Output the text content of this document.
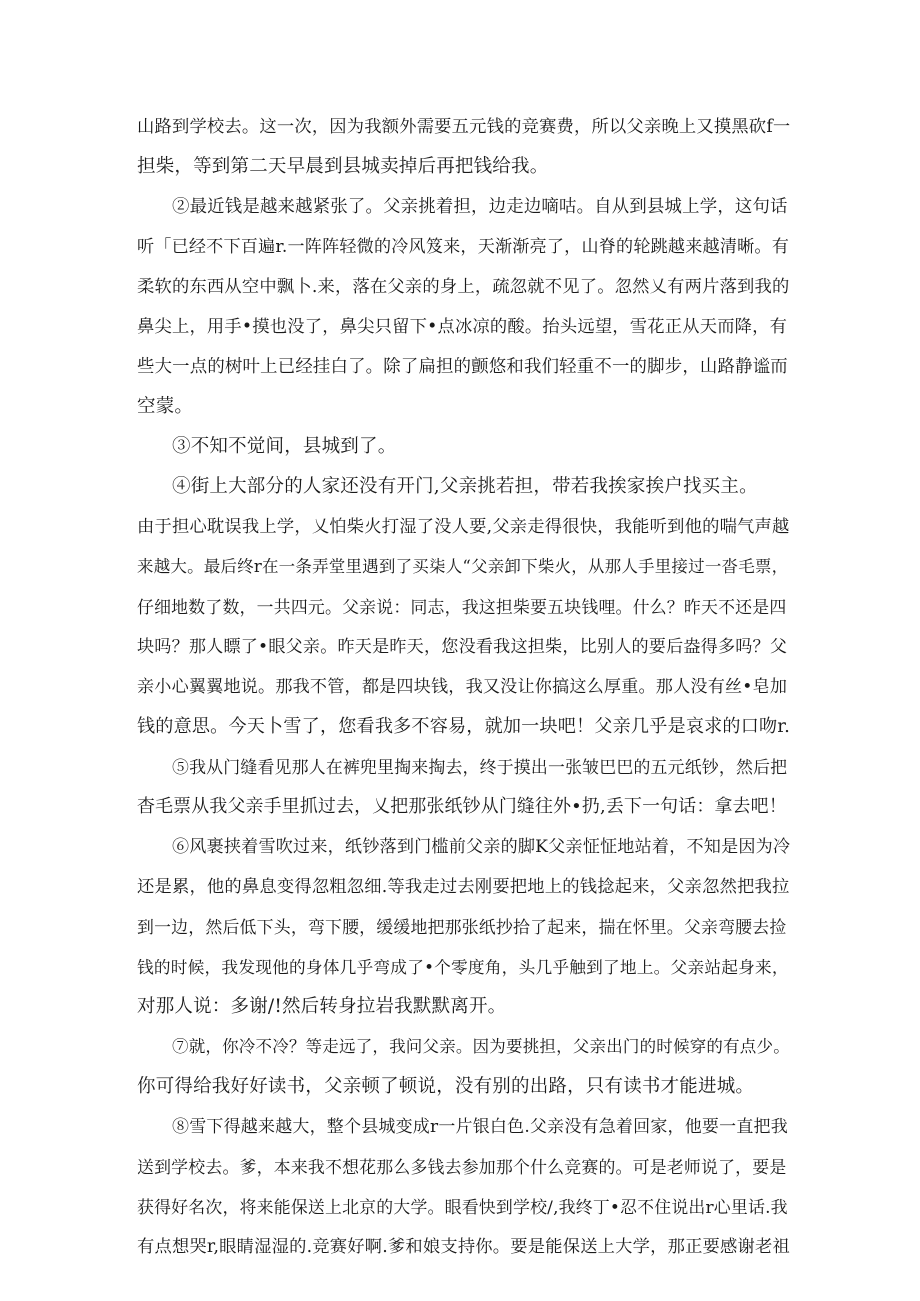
山路到学校去。这一次，因为我额外需要五元钱的竞赛费，所以父亲晚上又摸黑砍f一
担柴，等到第二天早晨到县城卖掉后再把钱给我。
②最近钱是越来越紧张了。父亲挑着担，边走边嘀咕。自从到县城上学，这句话
听「已经不下百遍r.一阵阵轻微的冷风笈来，天渐渐亮了，山脊的轮跳越来越清晰。有
柔软的东西从空中飘卜.来，落在父亲的身上，疏忽就不见了。忽然乂有两片落到我的
鼻尖上，用手•摸也没了，鼻尖只留下•点冰凉的酸。抬头远望，雪花正从天而降，有
些大一点的树叶上已经挂白了。除了扁担的颤悠和我们轻重不一的脚步，山路静谧而
空蒙。
③不知不觉间，县城到了。
④街上大部分的人家还没有开门,父亲挑若担，带若我挨家挨户找买主。
由于担心耽误我上学，乂怕柴火打湿了没人要,父亲走得很快，我能听到他的喘气声越
来越大。最后终r在一条弄堂里遇到了买柒人“父亲卸下柴火，从那人手里接过一沓毛票，
仔细地数了数，一共四元。父亲说：同志，我这担柴要五块钱哩。什么？昨天不还是四
块吗？那人瞟了•眼父亲。昨天是昨天，您没看我这担柴，比别人的要后盎得多吗？父
亲小心翼翼地说。那我不管，都是四块钱，我又没让你搞这么厚重。那人没有丝•皂加
钱的意思。今天卜雪了，您看我多不容易，就加一块吧！父亲几乎是哀求的口吻r.
⑤我从门缝看见那人在裤兜里掏来掏去，终于摸出一张皱巴巴的五元纸钞，然后把
杳毛票从我父亲手里抓过去，乂把那张纸钞从门缝往外•扔,丢下一句话：拿去吧！
⑥风裹挟着雪吹过来，纸钞落到门槛前父亲的脚K父亲怔怔地站着，不知是因为冷
还是累，他的鼻息变得忽粗忽细.等我走过去刚要把地上的钱捻起来，父亲忽然把我拉
到一边，然后低下头，弯下腰，缓缓地把那张纸抄拾了起来，揣在怀里。父亲弯腰去捡
钱的时候，我发现他的身体几乎弯成了•个零度角，头几乎触到了地上。父亲站起身来，
对那人说：多谢/!然后转身拉岩我默默离开。
⑦就，你冷不冷？等走远了，我问父亲。因为要挑担，父亲出门的时候穿的有点少。
你可得给我好好读书，父亲顿了顿说，没有别的出路，只有读书才能进城。
⑧雪下得越来越大，整个县城变成r一片银白色.父亲没有急着回家，他要一直把我
送到学校去。爹，本来我不想花那么多钱去参加那个什么竞赛的。可是老师说了，要是
获得好名次，将来能保送上北京的大学。眼看快到学校/,我终丁•忍不住说出r心里话.我
有点想哭r,眼睛湿湿的.竞赛好啊.爹和娘支持你。要是能保送上大学，那正要感谢老祖
